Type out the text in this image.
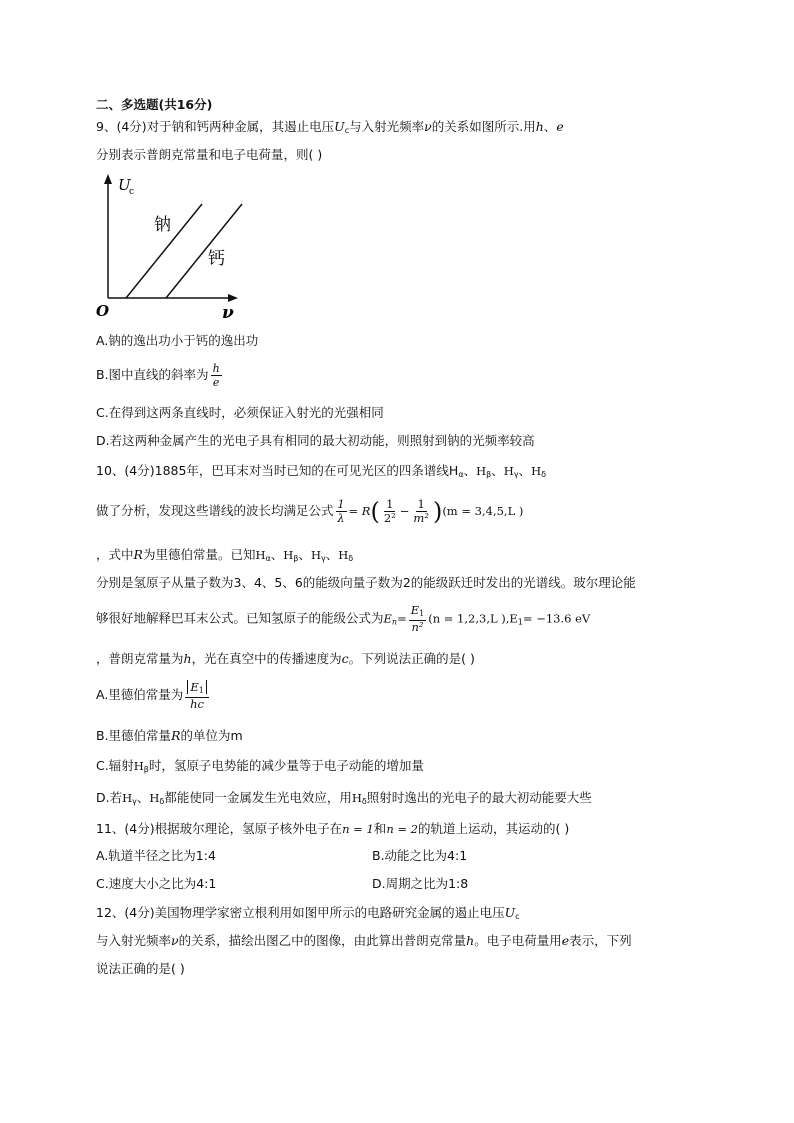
二、多选题(共16分)
9、(4分)对于钠和钙两种金属，其遏止电压$U_c$与入射光频率ν的关系如图所示.用h、e
分别表示普朗克常量和电子电荷量，则( )
U
c
O	ν
钠
钙
A.钠的逸出功小于钙的逸出功
B.图中直线的斜率为 $\frac{h}{e}$
C.在得到这两条直线时，必须保证入射光的光强相同
D.若这两种金属产生的光电子具有相同的最大初动能，则照射到钠的光频率较高
10、(4分)1885年，巴耳末对当时已知的在可见光区的四条谱线$H_\alpha$、$H_\beta$、$H_\gamma$、$H_\delta$
做了分析，发现这些谱线的波长均满足公式 $\frac{1}{\lambda} = R( \frac{1}{\text{2²}} - \frac{1}{\text{m²}} )(m = 3,4,5,L$ )
，式中R为里德伯常量。已知$H_\alpha$、$H_\beta$、$H_\gamma$、$H_\delta$
分别是氢原子从量子数为3、4、5、6的能级向量子数为2的能级跃迁时发出的光谱线。玻尔理论能
够很好地解释巴耳末公式。已知氢原子的能级公式为$E_n= \frac{E_1}{\text{n²}} (n = 1,2,3,L$ )$,E_1= -13.6$ eV
，普朗克常量为h，光在真空中的传播速度为c。下列说法正确的是( )
A.里德伯常量为 $\frac{E_1}{hc}$
B.里德伯常量R的单位为m
C.辐射$H_\beta$时，氢原子电势能的减少量等于电子动能的增加量
D.若$H_\gamma$、$H_\delta$都能使同一金属发生光电效应，用$H_\delta$照射时逸出的光电子的最大初动能要大些
11、(4分)根据玻尔理论，氢原子核外电子在n = 1和n = 2的轨道上运动，其运动的( )
A.轨道半径之比为1:4	B.动能之比为4:1
C.速度大小之比为4:1	D.周期之比为1:8
12、(4分)美国物理学家密立根利用如图甲所示的电路研究金属的遏止电压$U_c$
与入射光频率ν的关系，描绘出图乙中的图像，由此算出普朗克常量h。电子电荷量用e表示，下列
说法正确的是( )
